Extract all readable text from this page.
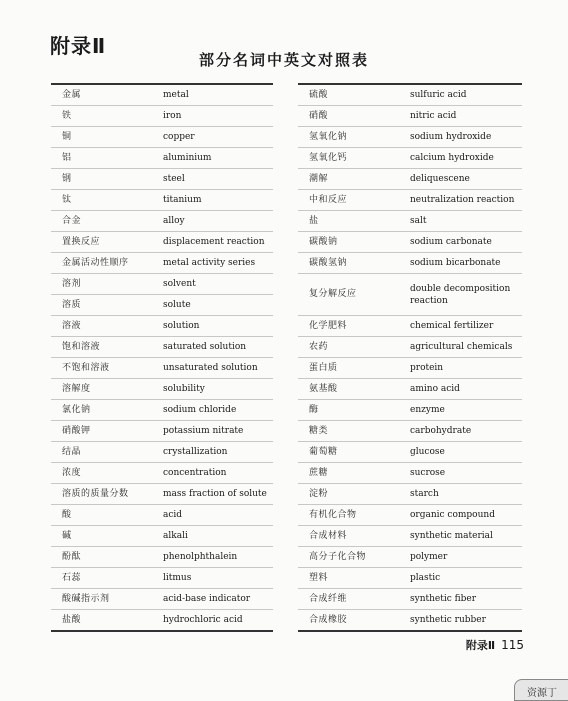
附录Ⅱ
部分名词中英文对照表
金属	metal
铁	iron
铜	copper
铝	aluminium
钢	steel
钛	titanium
合金	alloy
置换反应	displacement reaction
金属活动性顺序	metal activity series
溶剂	solvent
溶质	solute
溶液	solution
饱和溶液	saturated solution
不饱和溶液	unsaturated solution
溶解度	solubility
氯化钠	sodium chloride
硝酸钾	potassium nitrate
结晶	crystallization
浓度	concentration
溶质的质量分数	mass fraction of solute
酸	acid
碱	alkali
酚酞	phenolphthalein
石蕊	litmus
酸碱指示剂	acid-base indicator
盐酸	hydrochloric acid
硫酸	sulfuric acid
硝酸	nitric acid
氢氧化钠	sodium hydroxide
氢氧化钙	calcium hydroxide
潮解	deliquescene
中和反应	neutralization reaction
盐	salt
碳酸钠	sodium carbonate
碳酸氢钠	sodium bicarbonate
复分解反应	double decomposition
reaction

化学肥料	chemical fertilizer
农药	agricultural chemicals
蛋白质	protein
氨基酸	amino acid
酶	enzyme
糖类	carbohydrate
葡萄糖	glucose
蔗糖	sucrose
淀粉	starch
有机化合物	organic compound
合成材料	synthetic material
高分子化合物	polymer
塑料	plastic
合成纤维	synthetic fiber
合成橡胶	synthetic rubber
附录Ⅱ 115
资源丁
